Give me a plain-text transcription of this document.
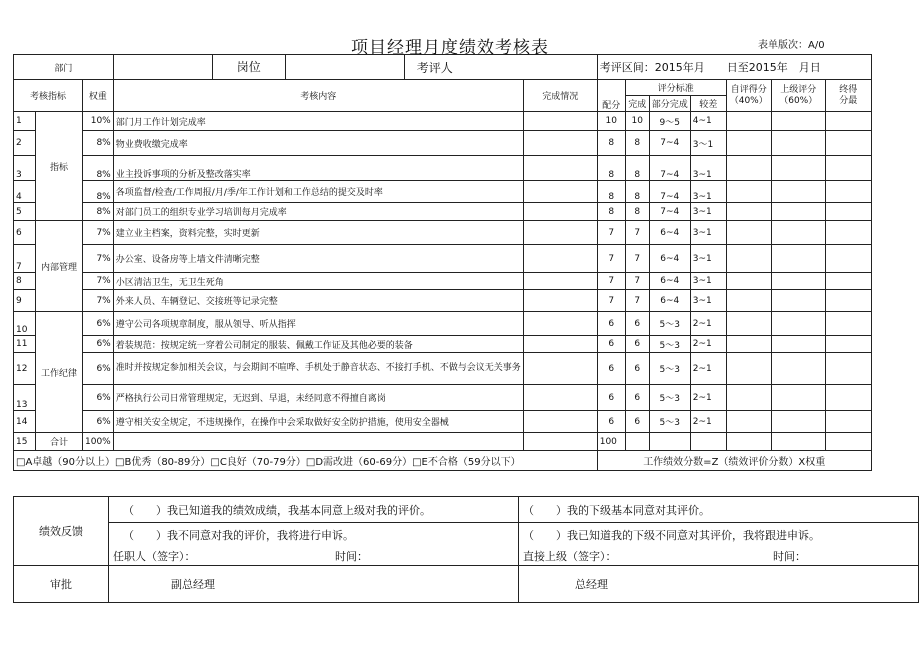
项目经理月度绩效考核表	表单版次：A/0
部门			岗位 考评人		考评区间：2015年月　　日至2015年　月日						
考核指标		权重	考核内容	完成情况	配分	评分标准			自评得分（40%）	上级评分（60%）	终得分最
						完成	部分完成	较差			
1	指标	10%	部门月工作计划完成率		10	10	9～5	4~1			
2		8%	物业费收缴完成率		8	8	7~4	3～1			
3		8%	业主投诉事项的分析及整改落实率		8	8	7~4	3~1			
4		8%	各项监督/检查/工作周报/月/季/年工作计划和工作总结的提交及时率		8	8	7~4	3~1			
5		8%	对部门员工的组织专业学习培训每月完成率		8	8	7~4	3~1			
6	内部管理	7%	建立业主档案，资料完整，实时更新		7	7	6~4	3~1			
7		7%	办公室、设备房等上墙文件清晰完整		7	7	6~4	3~1			
8		7%	小区清洁卫生，无卫生死角		7	7	6~4	3~1			
9		7%	外来人员、车辆登记、交接班等记录完整		7	7	6~4	3~1			
10	工作纪律	6%	遵守公司各项规章制度，服从领导、听从指挥		6	6	5～3	2~1			
11		6%	着装规范：按规定统一穿着公司制定的服装、佩戴工作证及其他必要的装备		6	6	5～3	2~1			
12		6%	准时并按规定参加相关会议，与会期间不喧哗、手机处于静音状态、不接打手机、不做与会议无关事务		6	6	5～3	2~1			
13		6%	严格执行公司日常管理规定，无迟到、早退，未经同意不得擅自离岗		6	6	5～3	2~1			
14		6%	遵守相关安全规定，不违规操作，在操作中会采取做好安全防护措施，使用安全器械		6	6	5～3	2~1			
15	合计	100%			100						
□A卓越（90分以上）□B优秀（80-89分）□C良好（70-79分）□D需改进（60-69分）□E不合格（59分以下）					工作绩效分数=Z（绩效评价分数）X权重						
绩效反馈	（　　）我已知道我的绩效成绩，我基本同意上级对我的评价。	（　　）我的下级基本同意对其评价。
	（　　）我不同意对我的评价，我将进行申诉。	（　　）我已知道我的下级不同意对其评价，我将跟进申诉。

	任职人（签字）： 时间：	直接上级（签字）： 时间：

审批	副总经理	总经理
